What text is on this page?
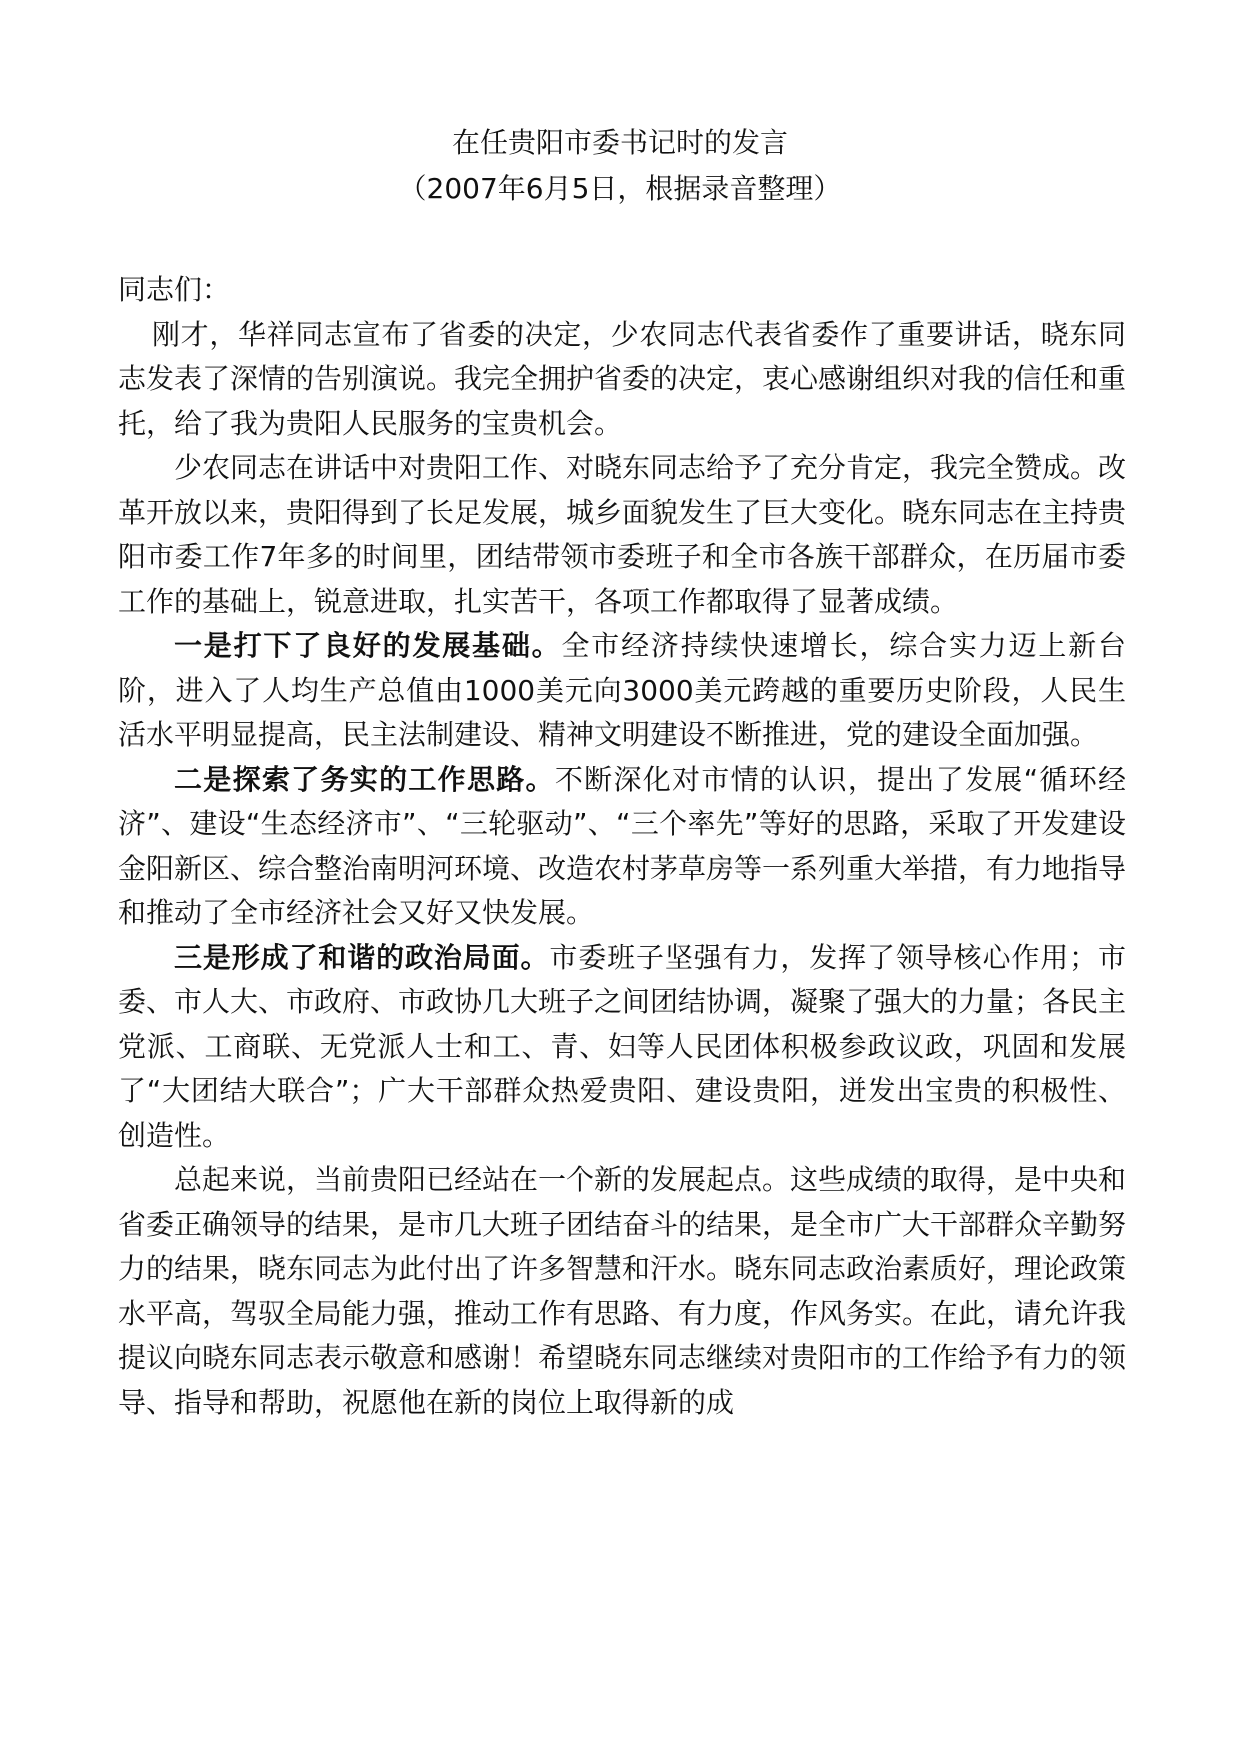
在任贵阳市委书记时的发言

（2007年6月5日，根据录音整理）

同志们：

刚才，华祥同志宣布了省委的决定，少农同志代表省委作了重要讲话，晓东同志发表了深情的告别演说。我完全拥护省委的决定，衷心感谢组织对我的信任和重托，给了我为贵阳人民服务的宝贵机会。

少农同志在讲话中对贵阳工作、对晓东同志给予了充分肯定，我完全赞成。改革开放以来，贵阳得到了长足发展，城乡面貌发生了巨大变化。晓东同志在主持贵阳市委工作7年多的时间里，团结带领市委班子和全市各族干部群众，在历届市委工作的基础上，锐意进取，扎实苦干，各项工作都取得了显著成绩。

一是打下了良好的发展基础。全市经济持续快速增长，综合实力迈上新台阶，进入了人均生产总值由1000美元向3000美元跨越的重要历史阶段，人民生活水平明显提高，民主法制建设、精神文明建设不断推进，党的建设全面加强。

二是探索了务实的工作思路。不断深化对市情的认识，提出了发展“循环经济”、建设“生态经济市”、“三轮驱动”、“三个率先”等好的思路，采取了开发建设金阳新区、综合整治南明河环境、改造农村茅草房等一系列重大举措，有力地指导和推动了全市经济社会又好又快发展。

三是形成了和谐的政治局面。市委班子坚强有力，发挥了领导核心作用；市委、市人大、市政府、市政协几大班子之间团结协调，凝聚了强大的力量；各民主党派、工商联、无党派人士和工、青、妇等人民团体积极参政议政，巩固和发展了“大团结大联合”；广大干部群众热爱贵阳、建设贵阳，迸发出宝贵的积极性、创造性。

总起来说，当前贵阳已经站在一个新的发展起点。这些成绩的取得，是中央和省委正确领导的结果，是市几大班子团结奋斗的结果，是全市广大干部群众辛勤努力的结果，晓东同志为此付出了许多智慧和汗水。晓东同志政治素质好，理论政策水平高，驾驭全局能力强，推动工作有思路、有力度，作风务实。在此，请允许我提议向晓东同志表示敬意和感谢！希望晓东同志继续对贵阳市的工作给予有力的领导、指导和帮助，祝愿他在新的岗位上取得新的成
